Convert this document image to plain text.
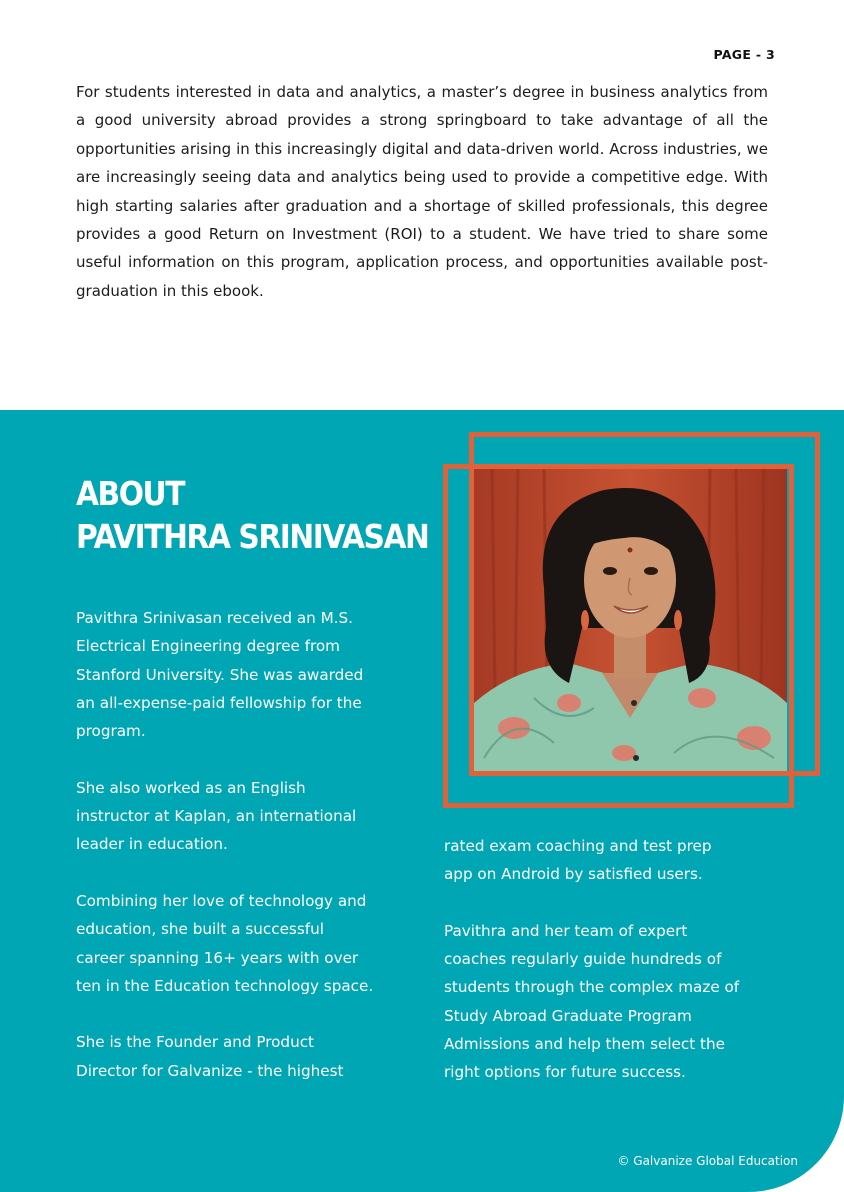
PAGE - 3

For students interested in data and analytics, a master’s degree in business analytics from a good university abroad provides a strong springboard to take advantage of all the opportunities arising in this increasingly digital and data-driven world. Across industries, we are increasingly seeing data and analytics being used to provide a competitive edge. With high starting salaries after graduation and a shortage of skilled professionals, this degree provides a good Return on Investment (ROI) to a student. We have tried to share some useful information on this program, application process, and opportunities available post-graduation in this ebook.

ABOUT
PAVITHRA SRINIVASAN

Pavithra Srinivasan received an M.S. Electrical Engineering degree from Stanford University. She was awarded an all-expense-paid fellowship for the program.

She also worked as an English instructor at Kaplan, an international leader in education.

Combining her love of technology and education, she built a successful career spanning 16+ years with over ten in the Education technology space.

She is the Founder and Product Director for Galvanize - the highest

rated exam coaching and test prep app on Android by satisfied users.

Pavithra and her team of expert coaches regularly guide hundreds of students through the complex maze of Study Abroad Graduate Program Admissions and help them select the right options for future success.

© Galvanize Global Education
